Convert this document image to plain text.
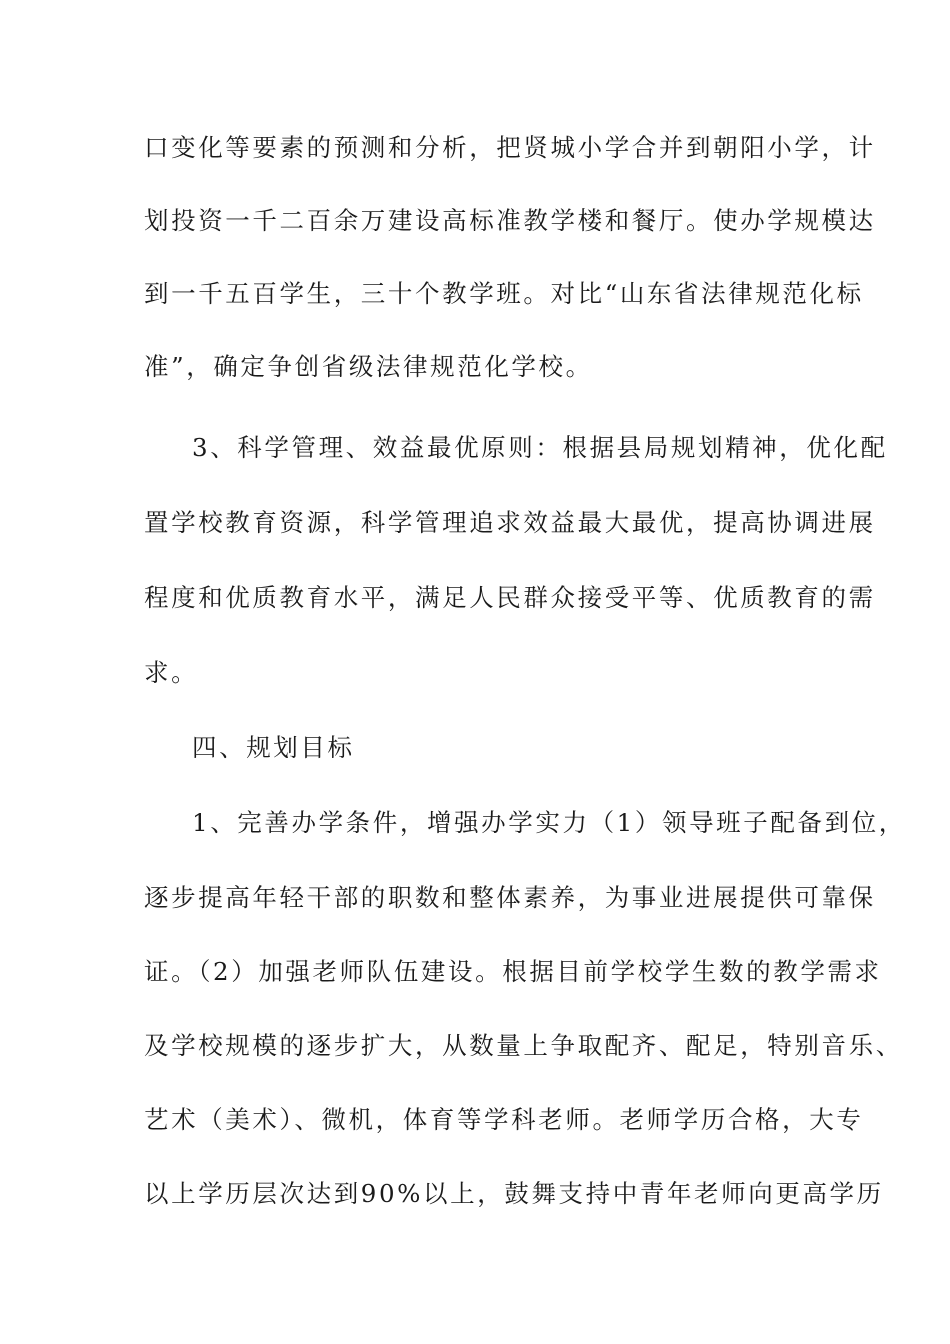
口变化等要素的预测和分析，把贤城小学合并到朝阳小学，计
划投资一千二百余万建设高标准教学楼和餐厅。使办学规模达
到一千五百学生，三十个教学班。对比“山东省法律规范化标
准”，确定争创省级法律规范化学校。
3、科学管理、效益最优原则：根据县局规划精神，优化配
置学校教育资源，科学管理追求效益最大最优，提高协调进展
程度和优质教育水平，满足人民群众接受平等、优质教育的需
求。
四、规划目标
1、完善办学条件，增强办学实力（1）领导班子配备到位，
逐步提高年轻干部的职数和整体素养，为事业进展提供可靠保
证。（2）加强老师队伍建设。根据目前学校学生数的教学需求
及学校规模的逐步扩大，从数量上争取配齐、配足，特别音乐、
艺术（美术）、微机，体育等学科老师。老师学历合格，大专
以上学历层次达到90%以上，鼓舞支持中青年老师向更高学历
